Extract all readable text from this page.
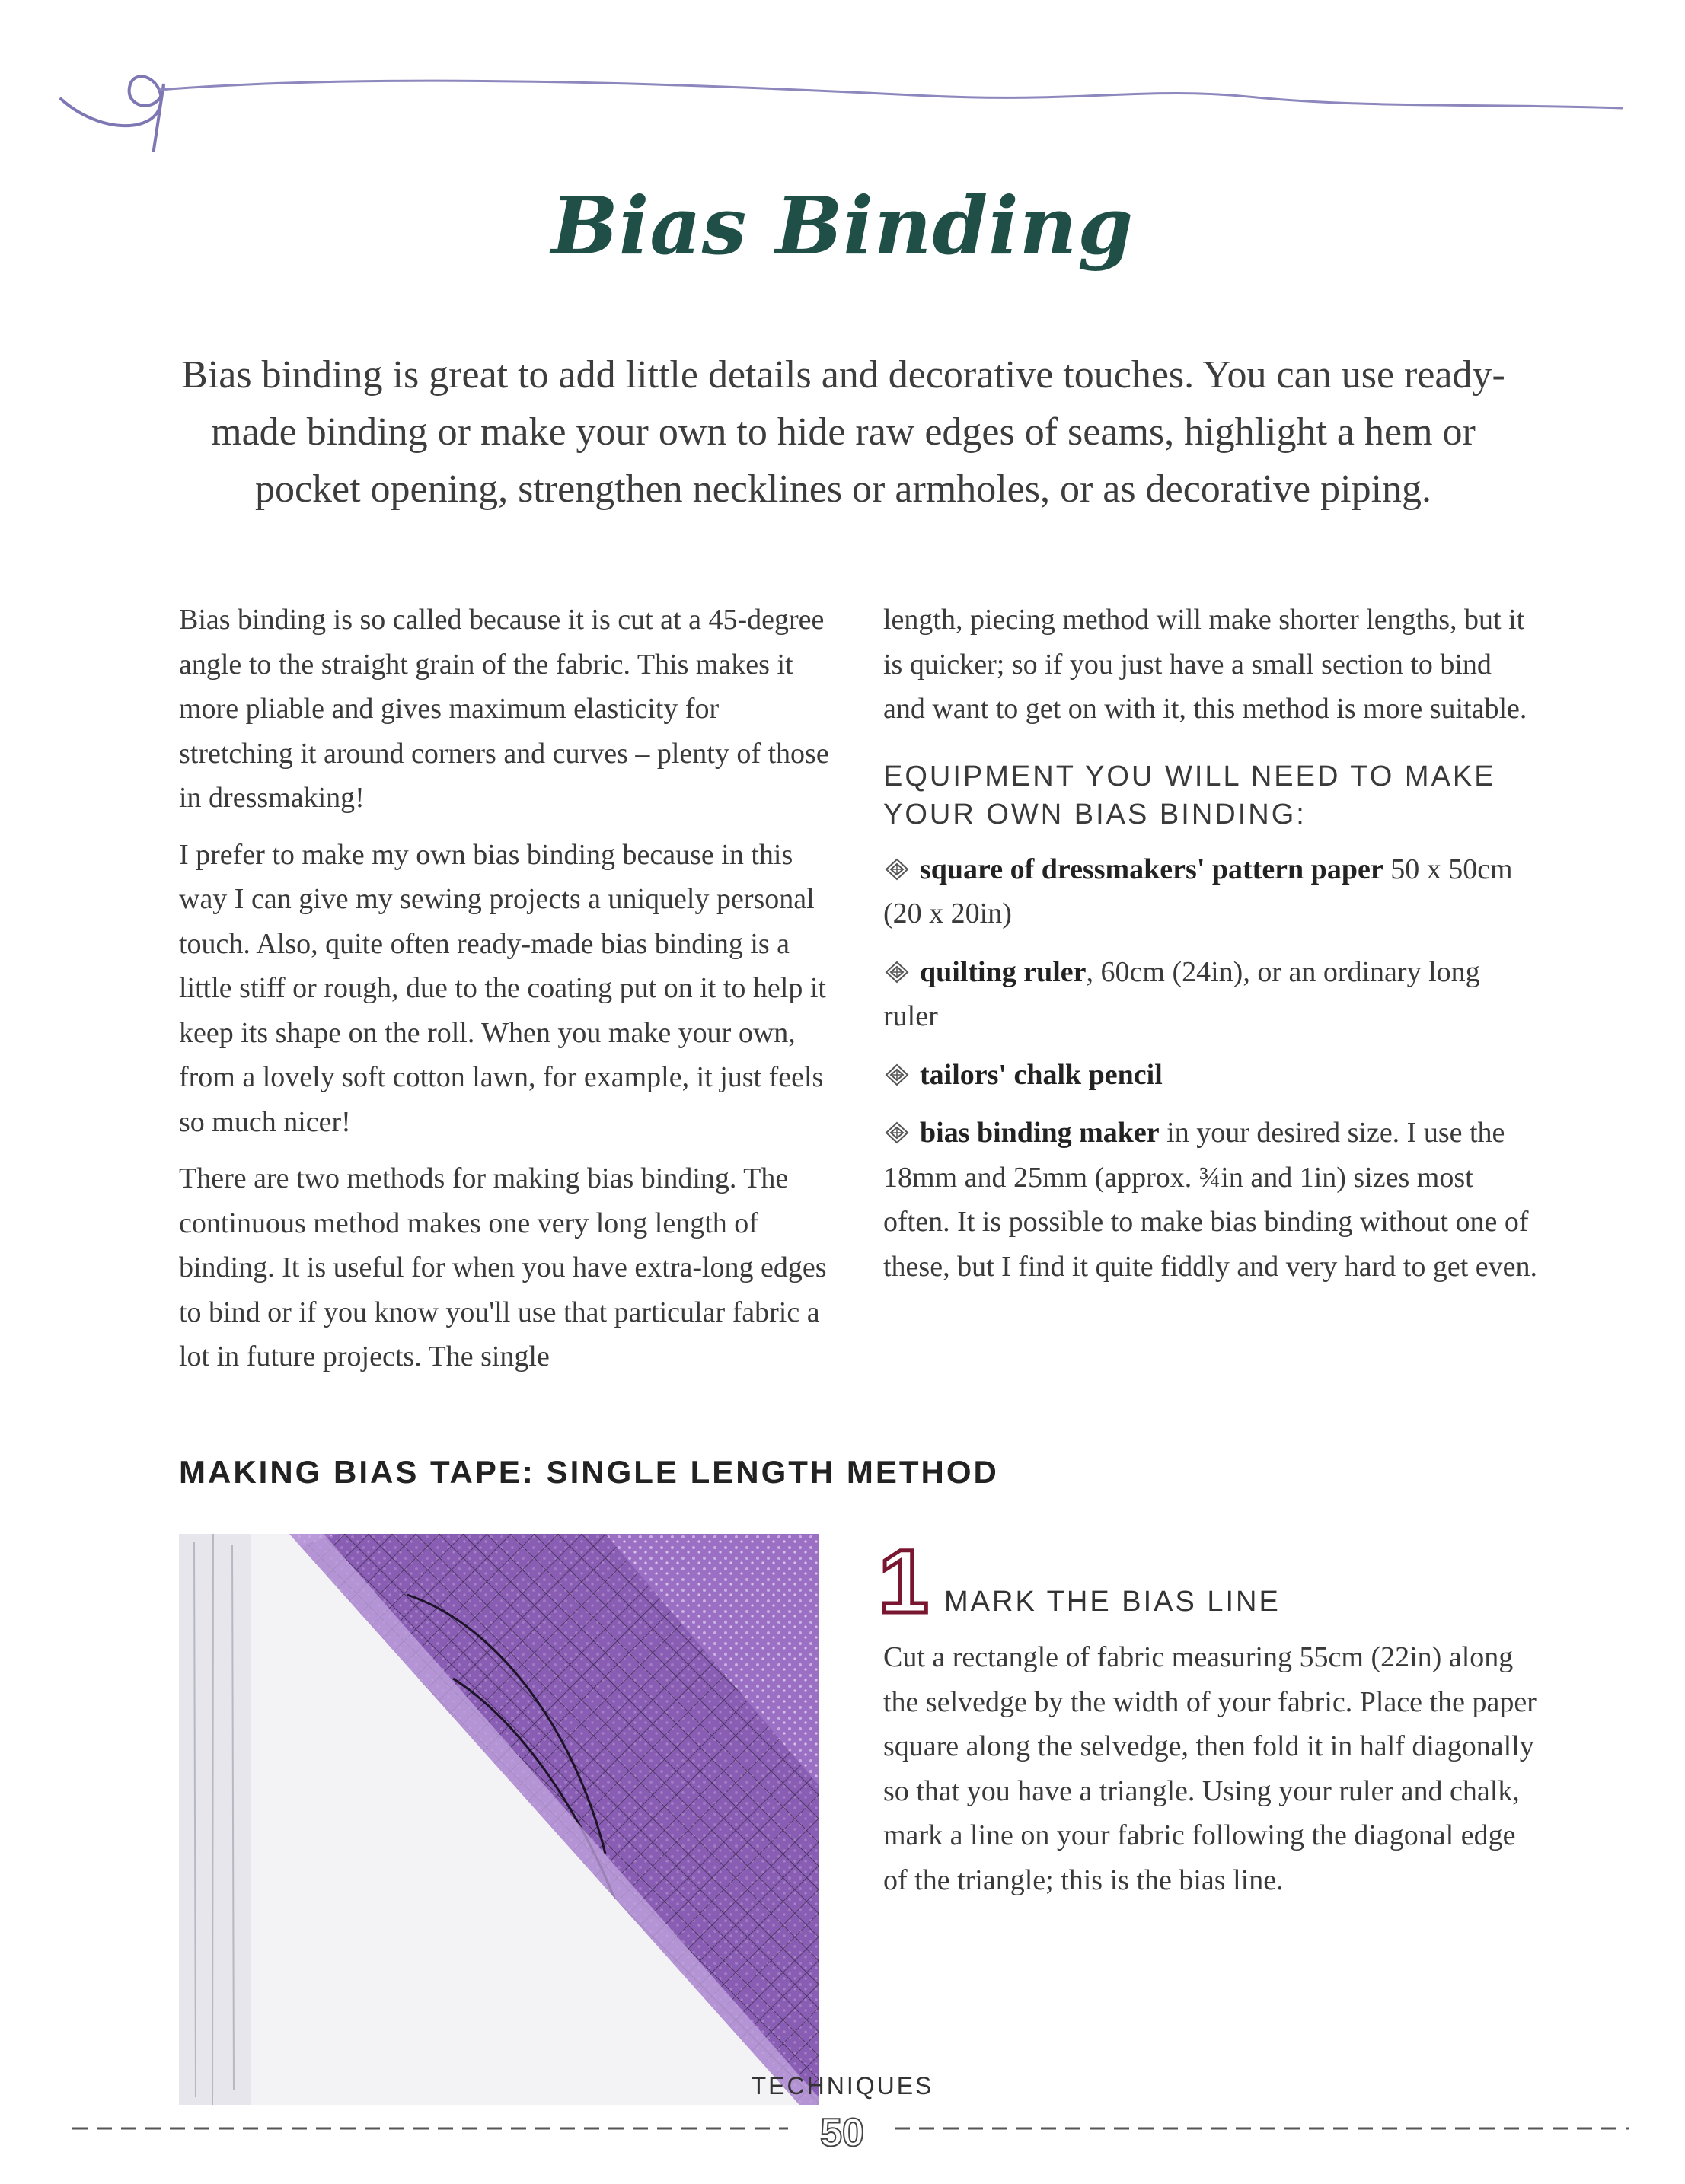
Bias Binding
Bias binding is great to add little details and decorative touches. You can use ready-made binding or make your own to hide raw edges of seams, highlight a hem or pocket opening, strengthen necklines or armholes, or as decorative piping.

Bias binding is so called because it is cut at a 45-degree angle to the straight grain of the fabric. This makes it more pliable and gives maximum elasticity for stretching it around corners and curves – plenty of those in dressmaking!

I prefer to make my own bias binding because in this way I can give my sewing projects a uniquely personal touch. Also, quite often ready-made bias binding is a little stiff or rough, due to the coating put on it to help it keep its shape on the roll. When you make your own, from a lovely soft cotton lawn, for example, it just feels so much nicer!

There are two methods for making bias binding. The continuous method makes one very long length of binding. It is useful for when you have extra-long edges to bind or if you know you'll use that particular fabric a lot in future projects. The single

length, piecing method will make shorter lengths, but it is quicker; so if you just have a small section to bind and want to get on with it, this method is more suitable.

EQUIPMENT YOU WILL NEED TO MAKE YOUR OWN BIAS BINDING:
square of dressmakers' pattern paper 50 x 50cm (20 x 20in)
quilting ruler, 60cm (24in), or an ordinary long ruler
tailors' chalk pencil
bias binding maker in your desired size. I use the 18mm and 25mm (approx. ¾in and 1in) sizes most often. It is possible to make bias binding without one of these, but I find it quite fiddly and very hard to get even.
MAKING BIAS TAPE: SINGLE LENGTH METHOD
1 MARK THE BIAS LINE
Cut a rectangle of fabric measuring 55cm (22in) along the selvedge by the width of your fabric. Place the paper square along the selvedge, then fold it in half diagonally so that you have a triangle. Using your ruler and chalk, mark a line on your fabric following the diagonal edge of the triangle; this is the bias line.
TECHNIQUES
50
